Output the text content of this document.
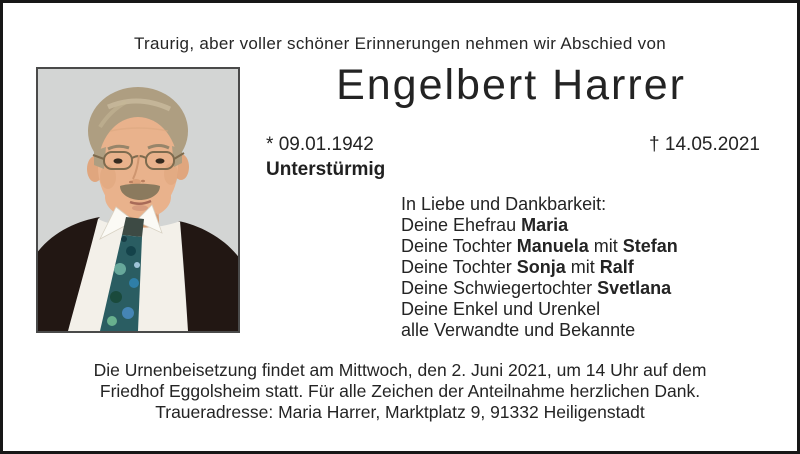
Traurig, aber voller schöner Erinnerungen nehmen wir Abschied von
Engelbert Harrer
* 09.01.1942	† 14.05.2021
Unterstürmig
In Liebe und Dankbarkeit:
Deine Ehefrau Maria
Deine Tochter Manuela mit Stefan
Deine Tochter Sonja mit Ralf
Deine Schwiegertochter Svetlana
Deine Enkel und Urenkel
alle Verwandte und Bekannte
Die Urnenbeisetzung findet am Mittwoch, den 2. Juni 2021, um 14 Uhr auf dem
Friedhof Eggolsheim statt. Für alle Zeichen der Anteilnahme herzlichen Dank.
Traueradresse: Maria Harrer, Marktplatz 9, 91332 Heiligenstadt
